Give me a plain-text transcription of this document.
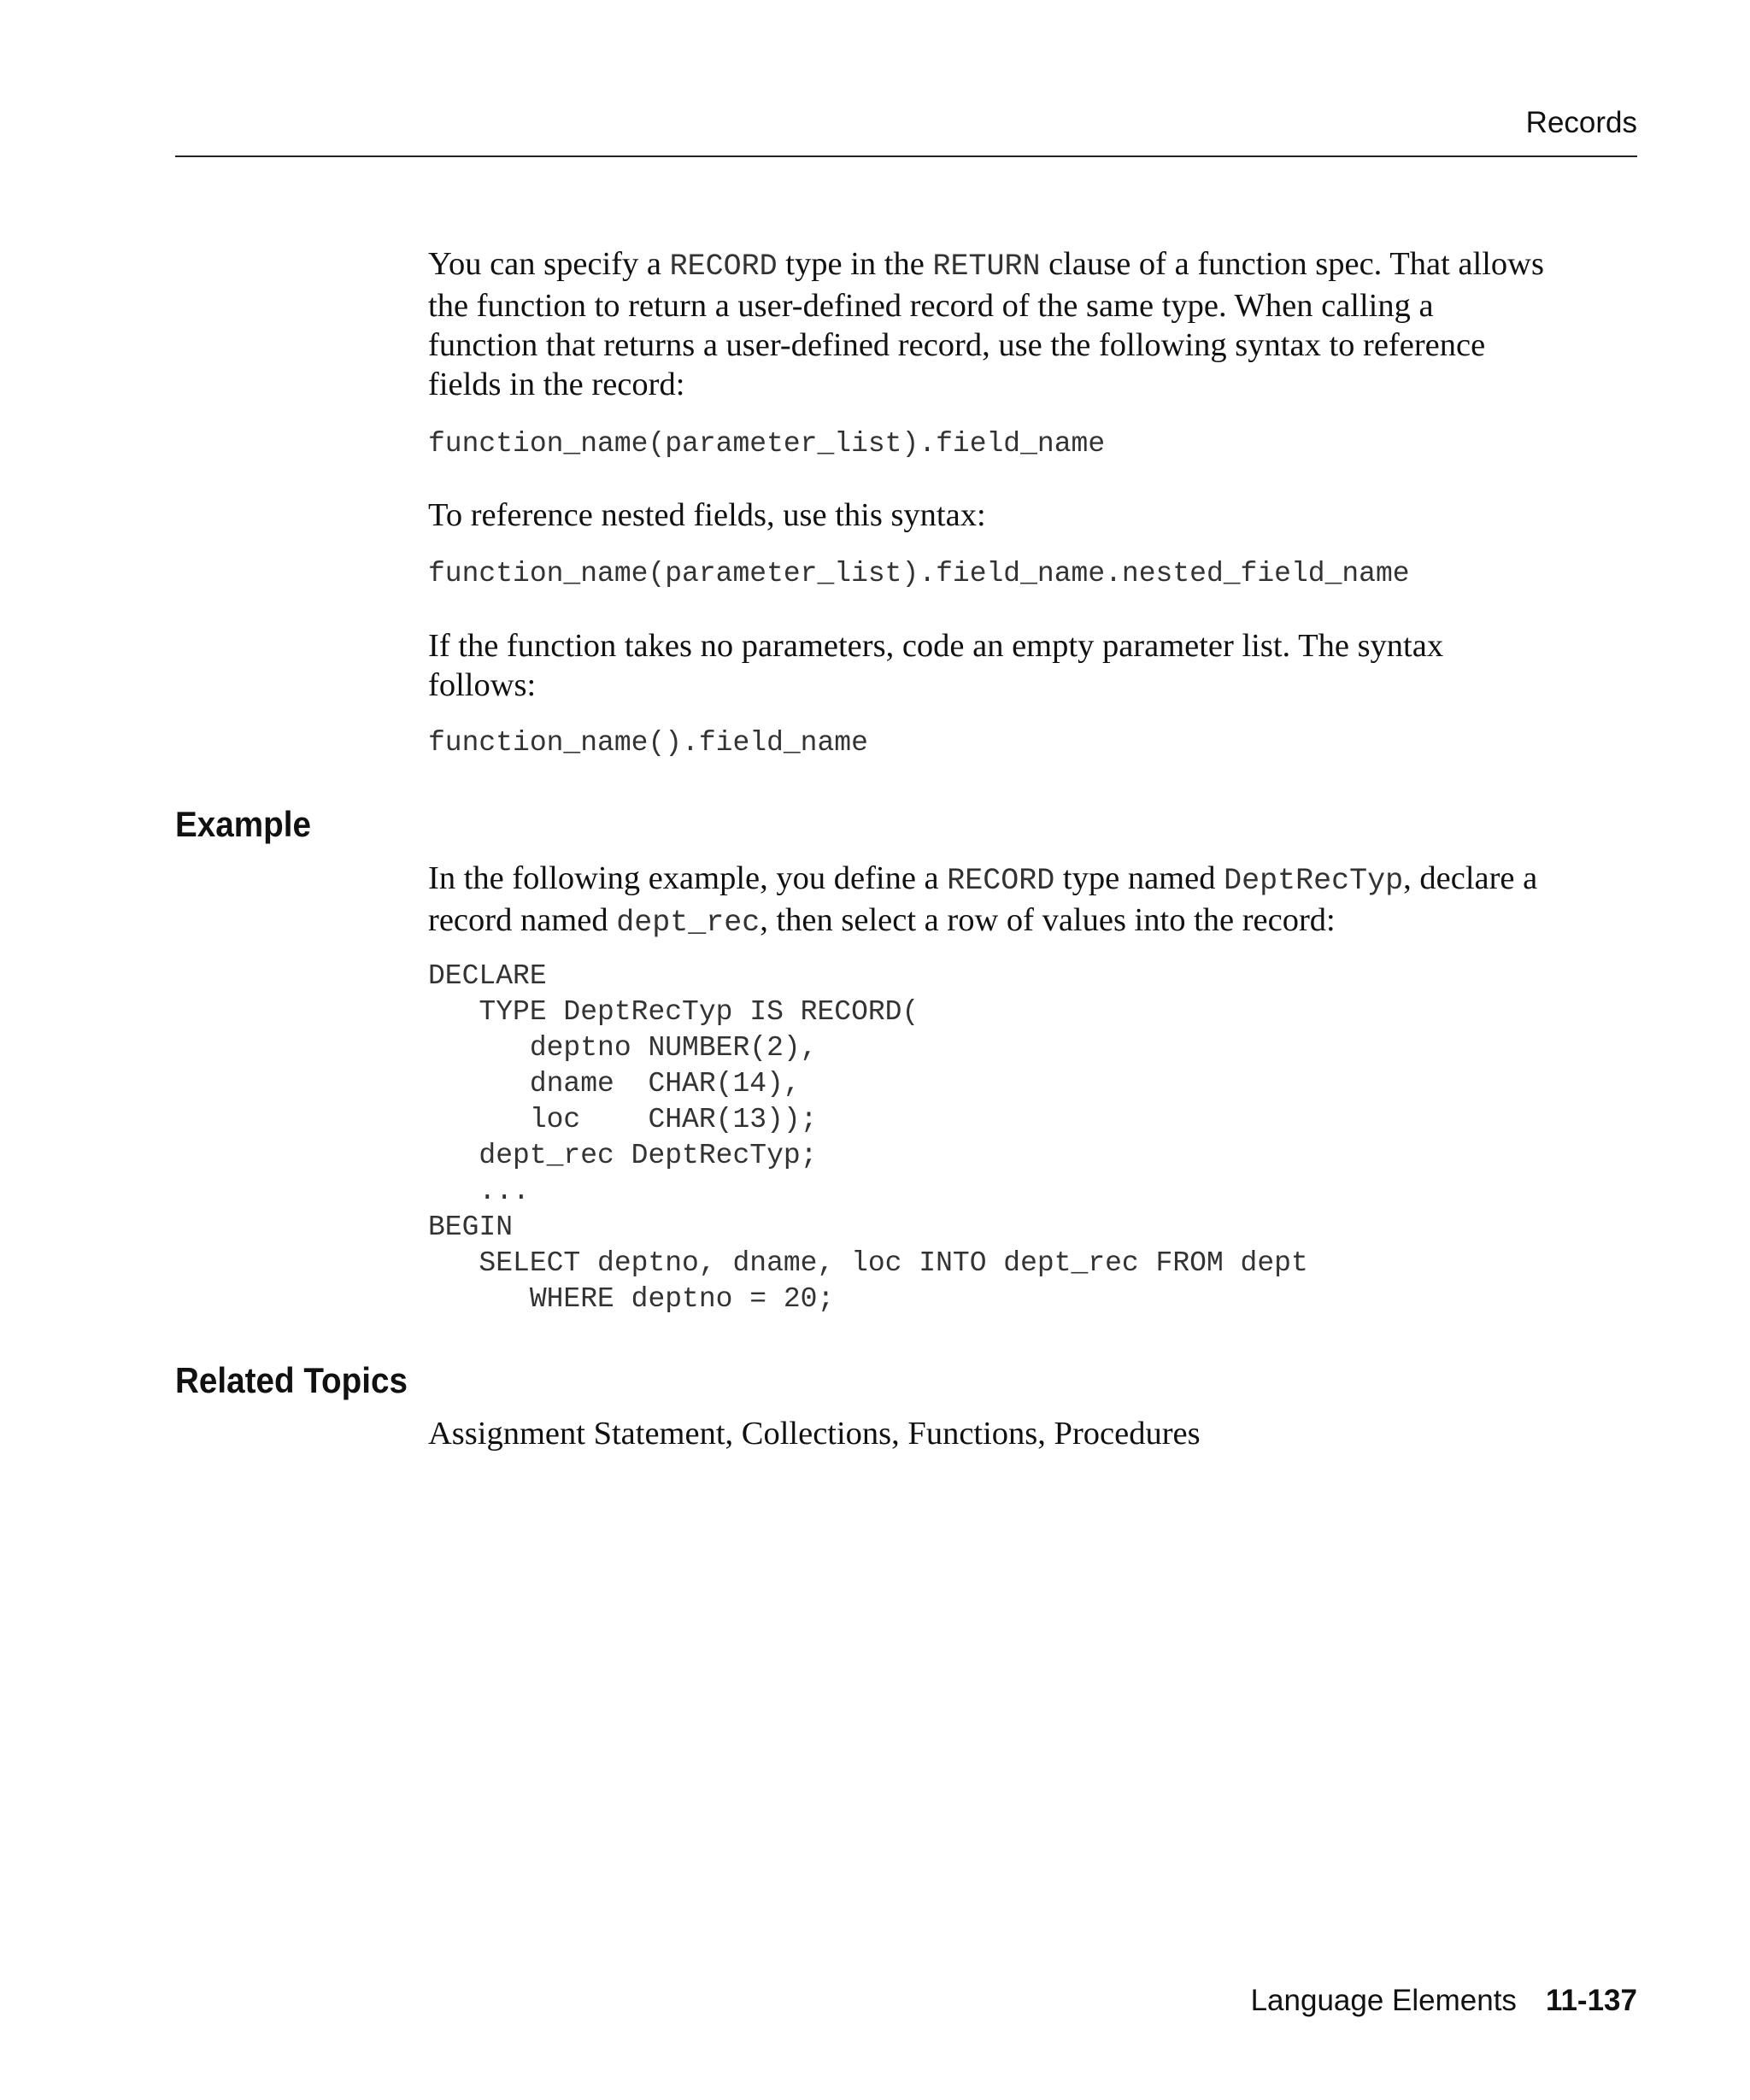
Records

You can specify a RECORD type in the RETURN clause of a function spec. That allows

the function to return a user-defined record of the same type. When calling a

function that returns a user-defined record, use the following syntax to reference

fields in the record:

function_name(parameter_list).field_name

To reference nested fields, use this syntax:

function_name(parameter_list).field_name.nested_field_name

If the function takes no parameters, code an empty parameter list. The syntax

follows:

function_name().field_name

Example

In the following example, you define a RECORD type named DeptRecTyp, declare a

record named dept_rec, then select a row of values into the record:

DECLARE

TYPE DeptRecTyp IS RECORD(

deptno NUMBER(2),

dname  CHAR(14),

loc    CHAR(13));

dept_rec DeptRecTyp;

...

BEGIN

SELECT deptno, dname, loc INTO dept_rec FROM dept

WHERE deptno = 20;

Related Topics

Assignment Statement, Collections, Functions, Procedures

Language Elements 11-137
